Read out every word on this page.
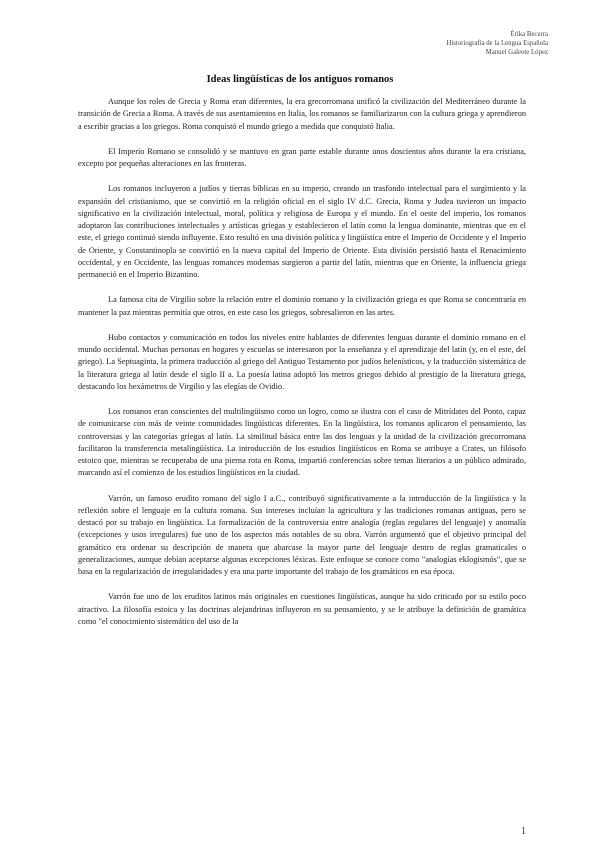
Érika Becerra
Historiografía de la Lengua Española
Manuel Galeote López
Ideas lingüísticas de los antiguos romanos

Aunque los roles de Grecia y Roma eran diferentes, la era grecorromana unificó la civilización del Mediterráneo durante la transición de Grecia a Roma. A través de sus asentamientos en Italia, los romanos se familiarizaron con la cultura griega y aprendieron a escribir gracias a los griegos. Roma conquistó el mundo griego a medida que conquistó Italia.

El Imperio Romano se consolidó y se mantuvo en gran parte estable durante unos doscientos años durante la era cristiana, excepto por pequeñas alteraciones en las fronteras.

Los romanos incluyeron a judíos y tierras bíblicas en su imperio, creando un trasfondo intelectual para el surgimiento y la expansión del cristianismo, que se convirtió en la religión oficial en el siglo IV d.C. Grecia, Roma y Judea tuvieron un impacto significativo en la civilización intelectual, moral, política y religiosa de Europa y el mundo. En el oeste del imperio, los romanos adoptaron las contribuciones intelectuales y artísticas griegas y establecieron el latín como la lengua dominante, mientras que en el este, el griego continuó siendo influyente. Esto resultó en una división política y lingüística entre el Imperio de Occidente y el Imperio de Oriente, y Constantinopla se convirtió en la nueva capital del Imperio de Oriente. Esta división persistió hasta el Renacimiento occidental, y en Occidente, las lenguas romances modernas surgieron a partir del latín, mientras que en Oriente, la influencia griega permaneció en el Imperio Bizantino.

La famosa cita de Virgilio sobre la relación entre el dominio romano y la civilización griega es que Roma se concentraría en mantener la paz mientras permitía que otros, en este caso los griegos, sobresalieron en las artes.

Hubo contactos y comunicación en todos los niveles entre hablantes de diferentes lenguas durante el dominio romano en el mundo occidental. Muchas personas en hogares y escuelas se interesaron por la enseñanza y el aprendizaje del latín (y, en el este, del griego). La Septuaginta, la primera traducción al griego del Antiguo Testamento por judíos helenísticos, y la traducción sistemática de la literatura griega al latín desde el siglo II a. La poesía latina adoptó los metros griegos debido al prestigio de la literatura griega, destacando los hexámetros de Virgilio y las elegías de Ovidio.

Los romanos eran conscientes del multilingüismo como un logro, como se ilustra con el caso de Mitrídates del Ponto, capaz de comunicarse con más de veinte comunidades lingüísticas diferentes. En la lingüística, los romanos aplicaron el pensamiento, las controversias y las categorías griegas al latín. La similitud básica entre las dos lenguas y la unidad de la civilización grecorromana facilitaron la transferencia metalingüística. La introducción de los estudios lingüísticos en Roma se atribuye a Crates, un filósofo estoico que, mientras se recuperaba de una pierna rota en Roma, impartió conferencias sobre temas literarios a un público admirado, marcando así el comienzo de los estudios lingüísticos en la ciudad.

Varrón, un famoso erudito romano del siglo I a.C., contribuyó significativamente a la introducción de la lingüística y la reflexión sobre el lenguaje en la cultura romana. Sus intereses incluían la agricultura y las tradiciones romanas antiguas, pero se destacó por su trabajo en lingüística. La formalización de la controversia entre analogía (reglas regulares del lenguaje) y anomalía (excepciones y usos irregulares) fue uno de los aspectos más notables de su obra. Varrón argumentó que el objetivo principal del gramático era ordenar su descripción de manera que abarcase la mayor parte del lenguaje dentro de reglas gramaticales o generalizaciones, aunque debían aceptarse algunas excepciones léxicas. Este enfoque se conoce como "analogías eklogismós", que se basa en la regularización de irregularidades y era una parte importante del trabajo de los gramáticos en esa época.

Varrón fue uno de los eruditos latinos más originales en cuestiones lingüísticas, aunque ha sido criticado por su estilo poco atractivo. La filosofía estoica y las doctrinas alejandrinas influyeron en su pensamiento, y se le atribuye la definición de gramática como "el conocimiento sistemático del uso de la

1
